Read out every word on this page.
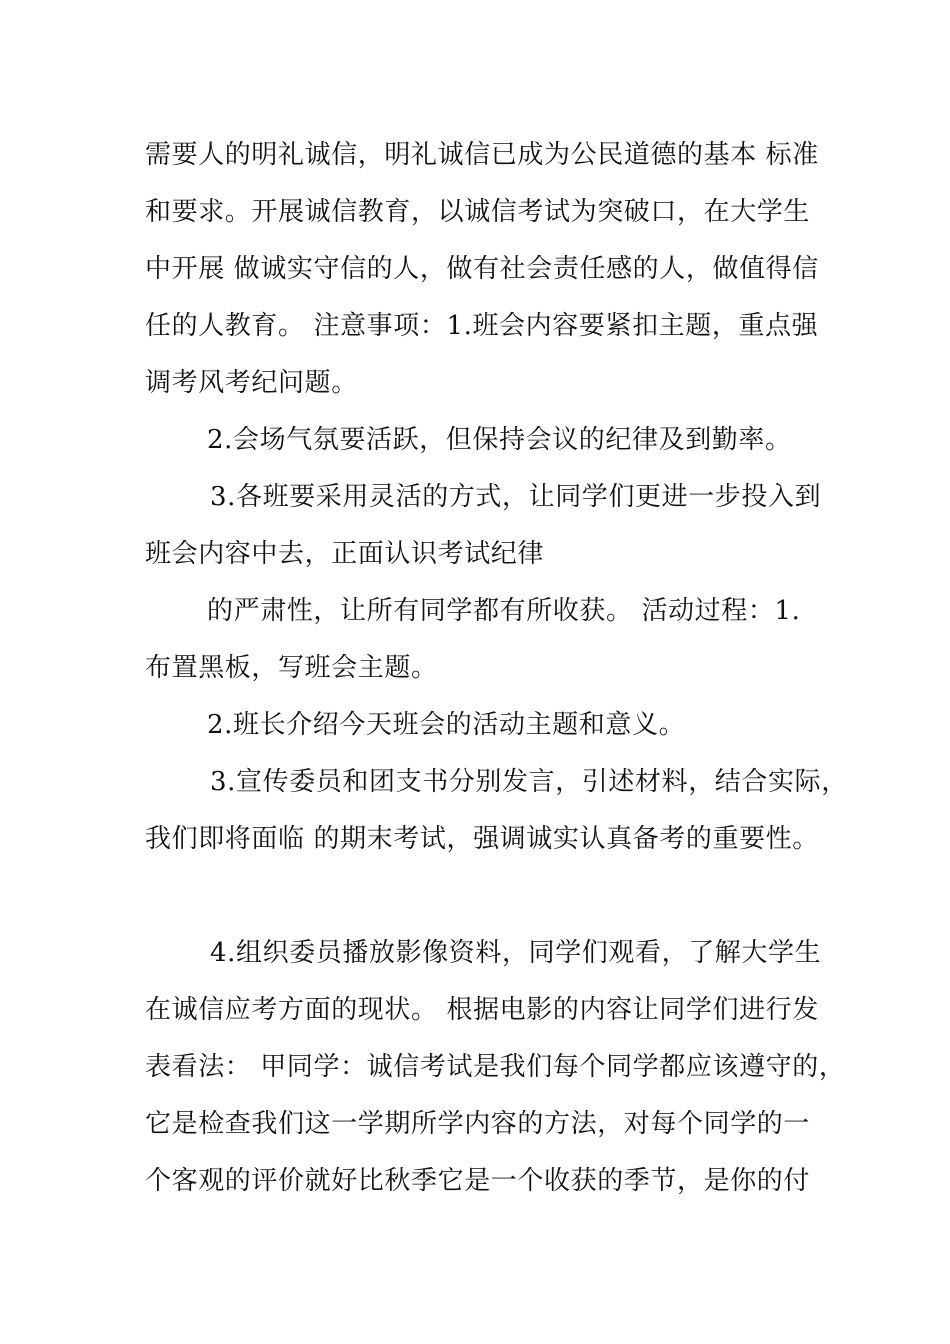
需要人的明礼诚信，明礼诚信已成为公民道德的基本 标准
和要求。开展诚信教育，以诚信考试为突破口，在大学生
中开展 做诚实守信的人，做有社会责任感的人，做值得信
任的人教育。 注意事项：1.班会内容要紧扣主题，重点强
调考风考纪问题。
2.会场气氛要活跃，但保持会议的纪律及到勤率。
3.各班要采用灵活的方式，让同学们更进一步投入到
班会内容中去，正面认识考试纪律
的严肃性，让所有同学都有所收获。 活动过程：1.
布置黑板，写班会主题。
2.班长介绍今天班会的活动主题和意义。
3.宣传委员和团支书分别发言，引述材料，结合实际，
我们即将面临 的期末考试，强调诚实认真备考的重要性。
4.组织委员播放影像资料，同学们观看，了解大学生
在诚信应考方面的现状。 根据电影的内容让同学们进行发
表看法： 甲同学：诚信考试是我们每个同学都应该遵守的，
它是检查我们这一学期所学内容的方法，对每个同学的一
个客观的评价就好比秋季它是一个收获的季节，是你的付
